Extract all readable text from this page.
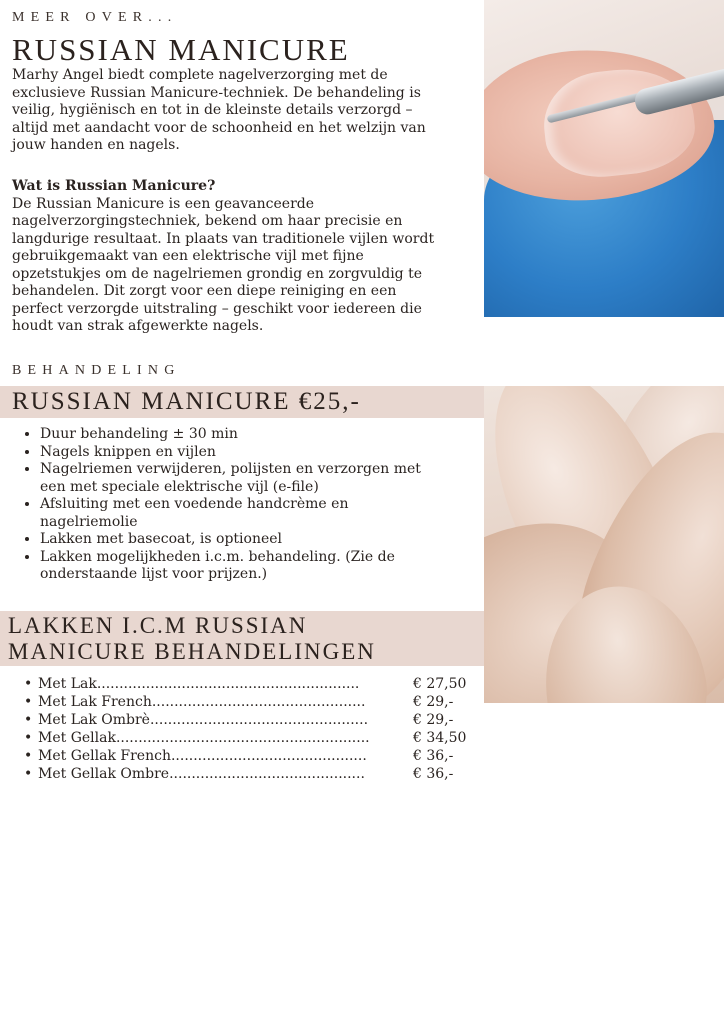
MEER OVER...
RUSSIAN MANICURE

Marhy Angel biedt complete nagelverzorging met de exclusieve Russian Manicure-techniek. De behandeling is veilig, hygiënisch en tot in de kleinste details verzorgd – altijd met aandacht voor de schoonheid en het welzijn van jouw handen en nagels.

Wat is Russian Manicure?

De Russian Manicure is een geavanceerde nagelverzorgingstechniek, bekend om haar precisie en langdurige resultaat. In plaats van traditionele vijlen wordt gebruikgemaakt van een elektrische vijl met fijne opzetstukjes om de nagelriemen grondig en zorgvuldig te behandelen. Dit zorgt voor een diepe reiniging en een perfect verzorgde uitstraling – geschikt voor iedereen die houdt van strak afgewerkte nagels.

BEHANDELING
RUSSIAN MANICURE €25,-
• Duur behandeling ± 30 min
• Nagels knippen en vijlen
• Nagelriemen verwijderen, polijsten en verzorgen met een met speciale elektrische vijl (e-file)
• Afsluiting met een voedende handcrème en nagelriemolie
• Lakken met basecoat, is optioneel
• Lakken mogelijkheden i.c.m. behandeling. (Zie de onderstaande lijst voor prijzen.)
LAKKEN I.C.M RUSSIAN
MANICURE BEHANDELINGEN
• Met Lak...........................................................	€ 27,50
• Met Lak French................................................	€ 29,-
• Met Lak Ombrè.................................................	€ 29,-
• Met Gellak.........................................................	€ 34,50
• Met Gellak French............................................	€ 36,-
• Met Gellak Ombre............................................	€ 36,-
